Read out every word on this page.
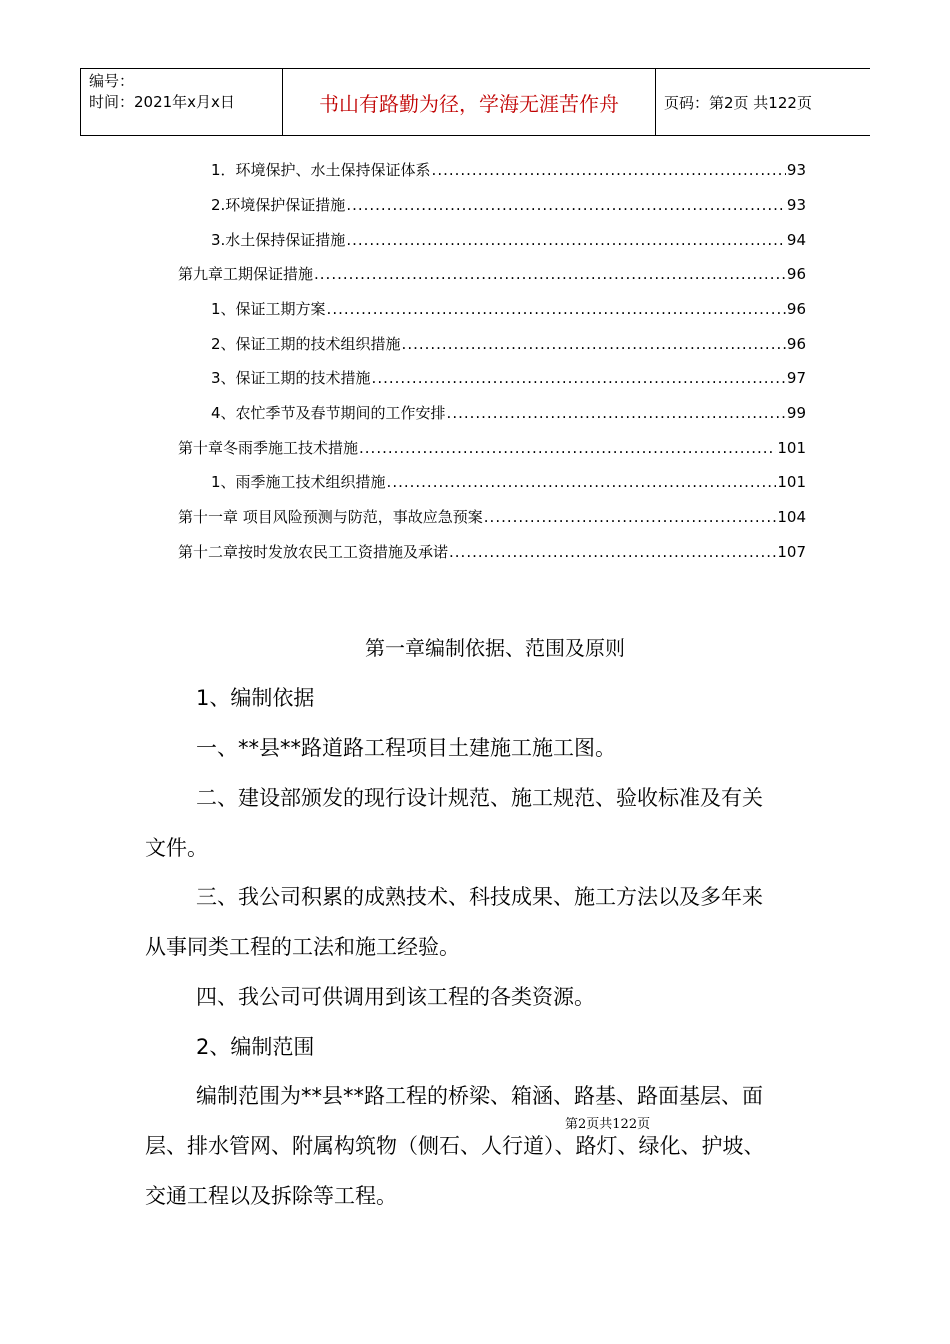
编号：
时间：2021年x月x日	书山有路勤为径，学海无涯苦作舟	页码：第2页 共122页
1．环境保护、水土保持保证体系 .....	93
2.环境保护保证措施 .....	93
3.水土保持保证措施 .....	94
第九章工期保证措施 .....	96
1、保证工期方案 .....	96
2、保证工期的技术组织措施 .....	96
3、保证工期的技术措施 .....	97
4、农忙季节及春节期间的工作安排 .....	99
第十章冬雨季施工技术措施 .....	101
1、雨季施工技术组织措施 .....	101
第十一章 项目风险预测与防范，事故应急预案 .....	104
第十二章按时发放农民工工资措施及承诺 .....	107
第一章编制依据、范围及原则
1、编制依据
一、**县**路道路工程项目土建施工施工图。
二、建设部颁发的现行设计规范、施工规范、验收标准及有关
文件。
三、我公司积累的成熟技术、科技成果、施工方法以及多年来
从事同类工程的工法和施工经验。
四、我公司可供调用到该工程的各类资源。
2、编制范围
编制范围为**县**路工程的桥梁、箱涵、路基、路面基层、面
层、排水管网、附属构筑物（侧石、人行道）、路灯、绿化、护坡、
交通工程以及拆除等工程。
第2页共122页
